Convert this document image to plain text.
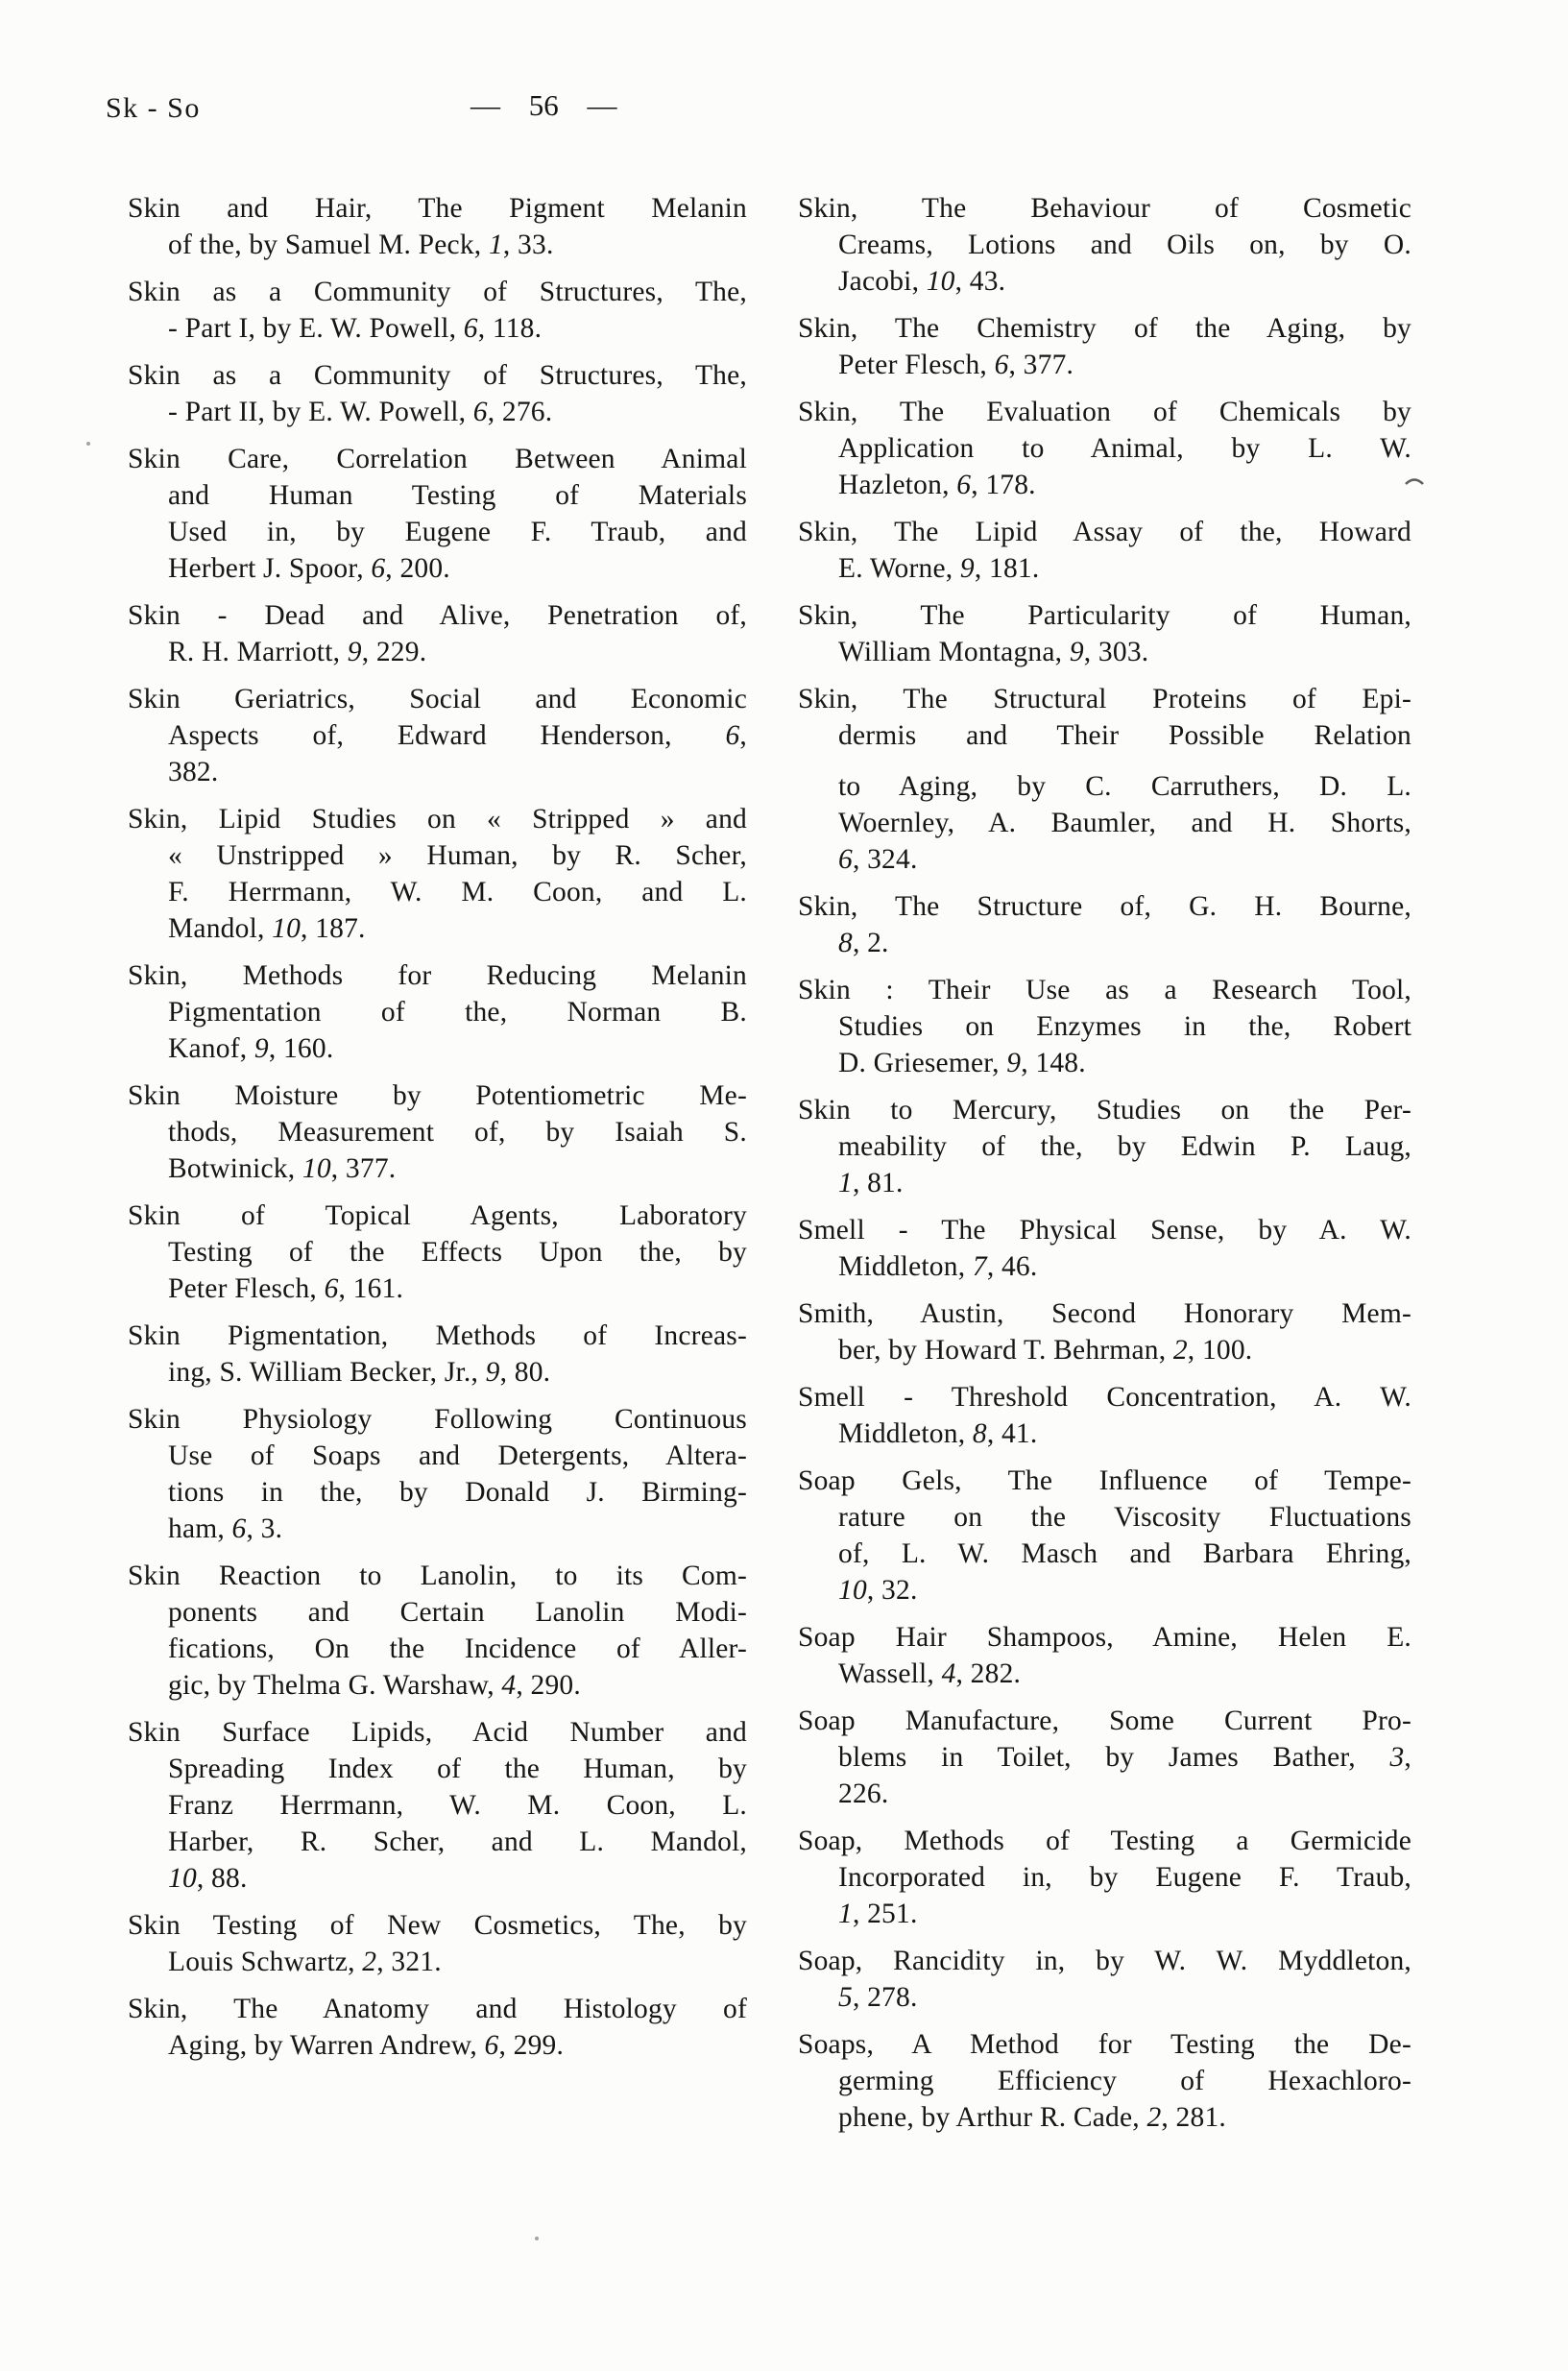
Sk - So	— 56 —
Skin and Hair, The Pigment Melanin
of the, by Samuel M. Peck, 1, 33.
Skin as a Community of Structures, The,
- Part I, by E. W. Powell, 6, 118.
Skin as a Community of Structures, The,
- Part II, by E. W. Powell, 6, 276.
Skin Care, Correlation Between Animal
and Human Testing of Materials
Used in, by Eugene F. Traub, and
Herbert J. Spoor, 6, 200.
Skin - Dead and Alive, Penetration of,
R. H. Marriott, 9, 229.
Skin Geriatrics, Social and Economic
Aspects of, Edward Henderson, 6,
382.
Skin, Lipid Studies on « Stripped » and
« Unstripped » Human, by R. Scher,
F. Herrmann, W. M. Coon, and L.
Mandol, 10, 187.
Skin, Methods for Reducing Melanin
Pigmentation of the, Norman B.
Kanof, 9, 160.
Skin Moisture by Potentiometric Me-
thods, Measurement of, by Isaiah S.
Botwinick, 10, 377.
Skin of Topical Agents, Laboratory
Testing of the Effects Upon the, by
Peter Flesch, 6, 161.
Skin Pigmentation, Methods of Increas-
ing, S. William Becker, Jr., 9, 80.
Skin Physiology Following Continuous
Use of Soaps and Detergents, Altera-
tions in the, by Donald J. Birming-
ham, 6, 3.
Skin Reaction to Lanolin, to its Com-
ponents and Certain Lanolin Modi-
fications, On the Incidence of Aller-
gic, by Thelma G. Warshaw, 4, 290.
Skin Surface Lipids, Acid Number and
Spreading Index of the Human, by
Franz Herrmann, W. M. Coon, L.
Harber, R. Scher, and L. Mandol,
10, 88.
Skin Testing of New Cosmetics, The, by
Louis Schwartz, 2, 321.
Skin, The Anatomy and Histology of
Aging, by Warren Andrew, 6, 299.
Skin, The Behaviour of Cosmetic
Creams, Lotions and Oils on, by O.
Jacobi, 10, 43.
Skin, The Chemistry of the Aging, by
Peter Flesch, 6, 377.
Skin, The Evaluation of Chemicals by
Application to Animal, by L. W.
Hazleton, 6, 178.
Skin, The Lipid Assay of the, Howard
E. Worne, 9, 181.
Skin, The Particularity of Human,
William Montagna, 9, 303.
Skin, The Structural Proteins of Epi-
dermis and Their Possible Relation
to Aging, by C. Carruthers, D. L.
Woernley, A. Baumler, and H. Shorts,
6, 324.
Skin, The Structure of, G. H. Bourne,
8, 2.
Skin : Their Use as a Research Tool,
Studies on Enzymes in the, Robert
D. Griesemer, 9, 148.
Skin to Mercury, Studies on the Per-
meability of the, by Edwin P. Laug,
1, 81.
Smell - The Physical Sense, by A. W.
Middleton, 7, 46.
Smith, Austin, Second Honorary Mem-
ber, by Howard T. Behrman, 2, 100.
Smell - Threshold Concentration, A. W.
Middleton, 8, 41.
Soap Gels, The Influence of Tempe-
rature on the Viscosity Fluctuations
of, L. W. Masch and Barbara Ehring,
10, 32.
Soap Hair Shampoos, Amine, Helen E.
Wassell, 4, 282.
Soap Manufacture, Some Current Pro-
blems in Toilet, by James Bather, 3,
226.
Soap, Methods of Testing a Germicide
Incorporated in, by Eugene F. Traub,
1, 251.
Soap, Rancidity in, by W. W. Myddleton,
5, 278.
Soaps, A Method for Testing the De-
germing Efficiency of Hexachloro-
phene, by Arthur R. Cade, 2, 281.
